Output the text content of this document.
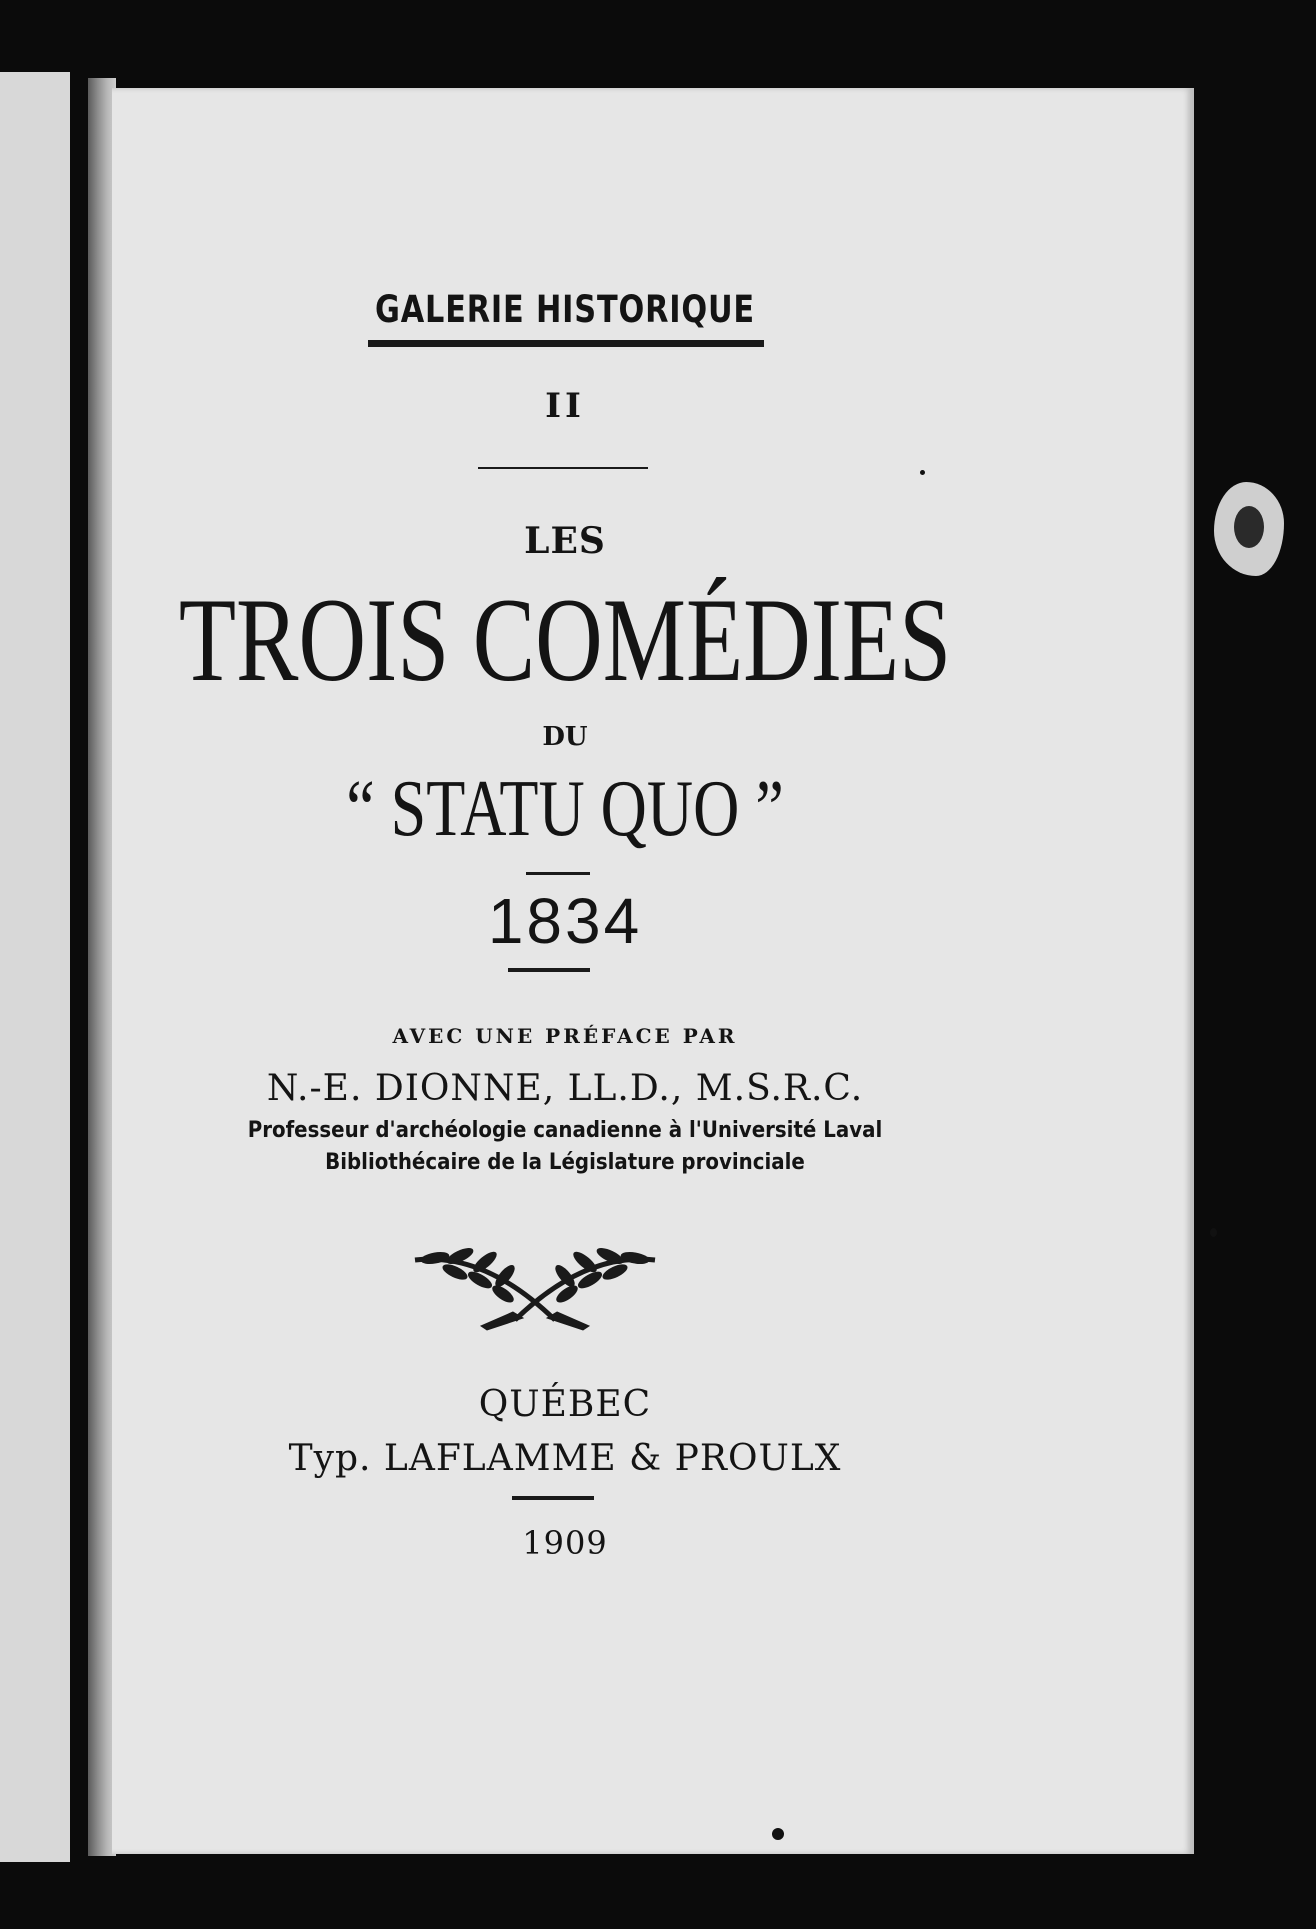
GALERIE HISTORIQUE
II
LES
TROIS COMÉDIES
DU
“ STATU QUO ”
1834
AVEC UNE PRÉFACE PAR
N.-E. DIONNE, LL.D., M.S.R.C.
Professeur d'archéologie canadienne à l'Université Laval
Bibliothécaire de la Législature provinciale
QUÉBEC
Typ. LAFLAMME & PROULX
1909
